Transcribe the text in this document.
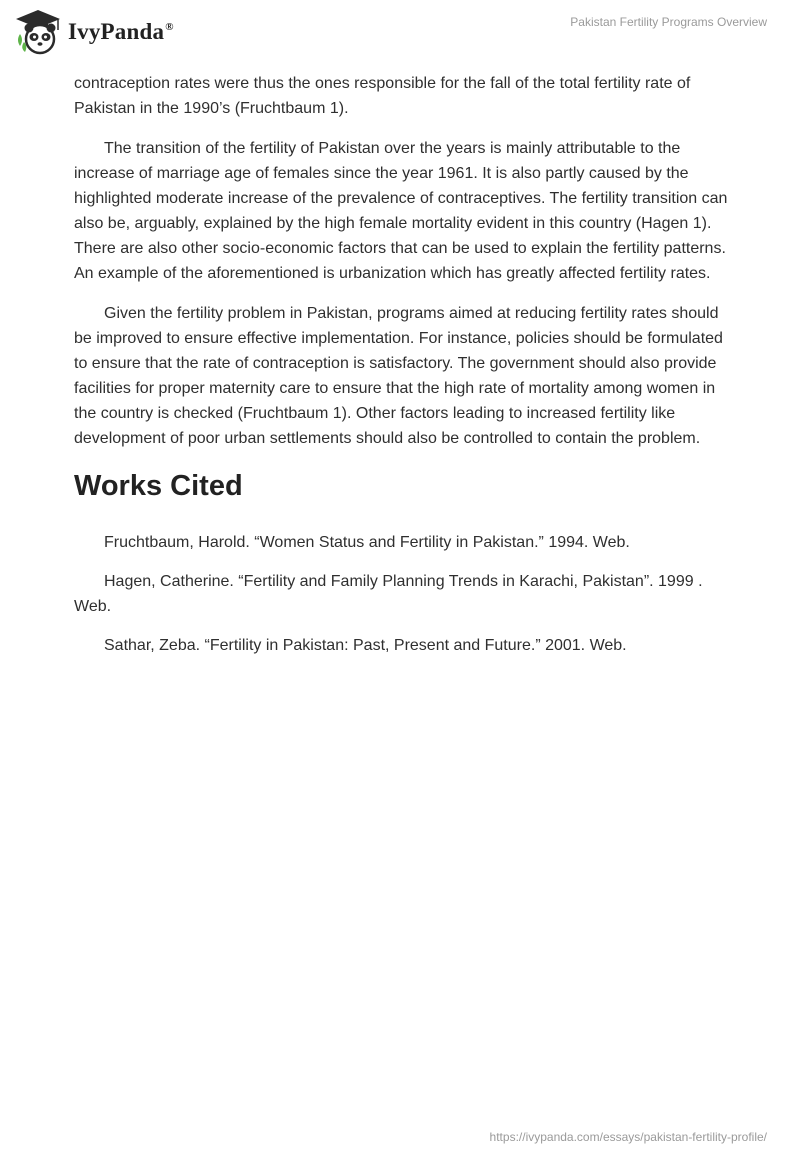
IvyPanda®	Pakistan Fertility Programs Overview

contraception rates were thus the ones responsible for the fall of the total fertility rate of Pakistan in the 1990’s (Fruchtbaum 1).

The transition of the fertility of Pakistan over the years is mainly attributable to the increase of marriage age of females since the year 1961. It is also partly caused by the highlighted moderate increase of the prevalence of contraceptives. The fertility transition can also be, arguably, explained by the high female mortality evident in this country (Hagen 1). There are also other socio-economic factors that can be used to explain the fertility patterns. An example of the aforementioned is urbanization which has greatly affected fertility rates.

Given the fertility problem in Pakistan, programs aimed at reducing fertility rates should be improved to ensure effective implementation. For instance, policies should be formulated to ensure that the rate of contraception is satisfactory. The government should also provide facilities for proper maternity care to ensure that the high rate of mortality among women in the country is checked (Fruchtbaum 1). Other factors leading to increased fertility like development of poor urban settlements should also be controlled to contain the problem.

Works Cited
Fruchtbaum, Harold. “Women Status and Fertility in Pakistan.” 1994. Web.
Hagen, Catherine. “Fertility and Family Planning Trends in Karachi, Pakistan”. 1999 . Web.
Sathar, Zeba. “Fertility in Pakistan: Past, Present and Future.” 2001. Web.
https://ivypanda.com/essays/pakistan-fertility-profile/
